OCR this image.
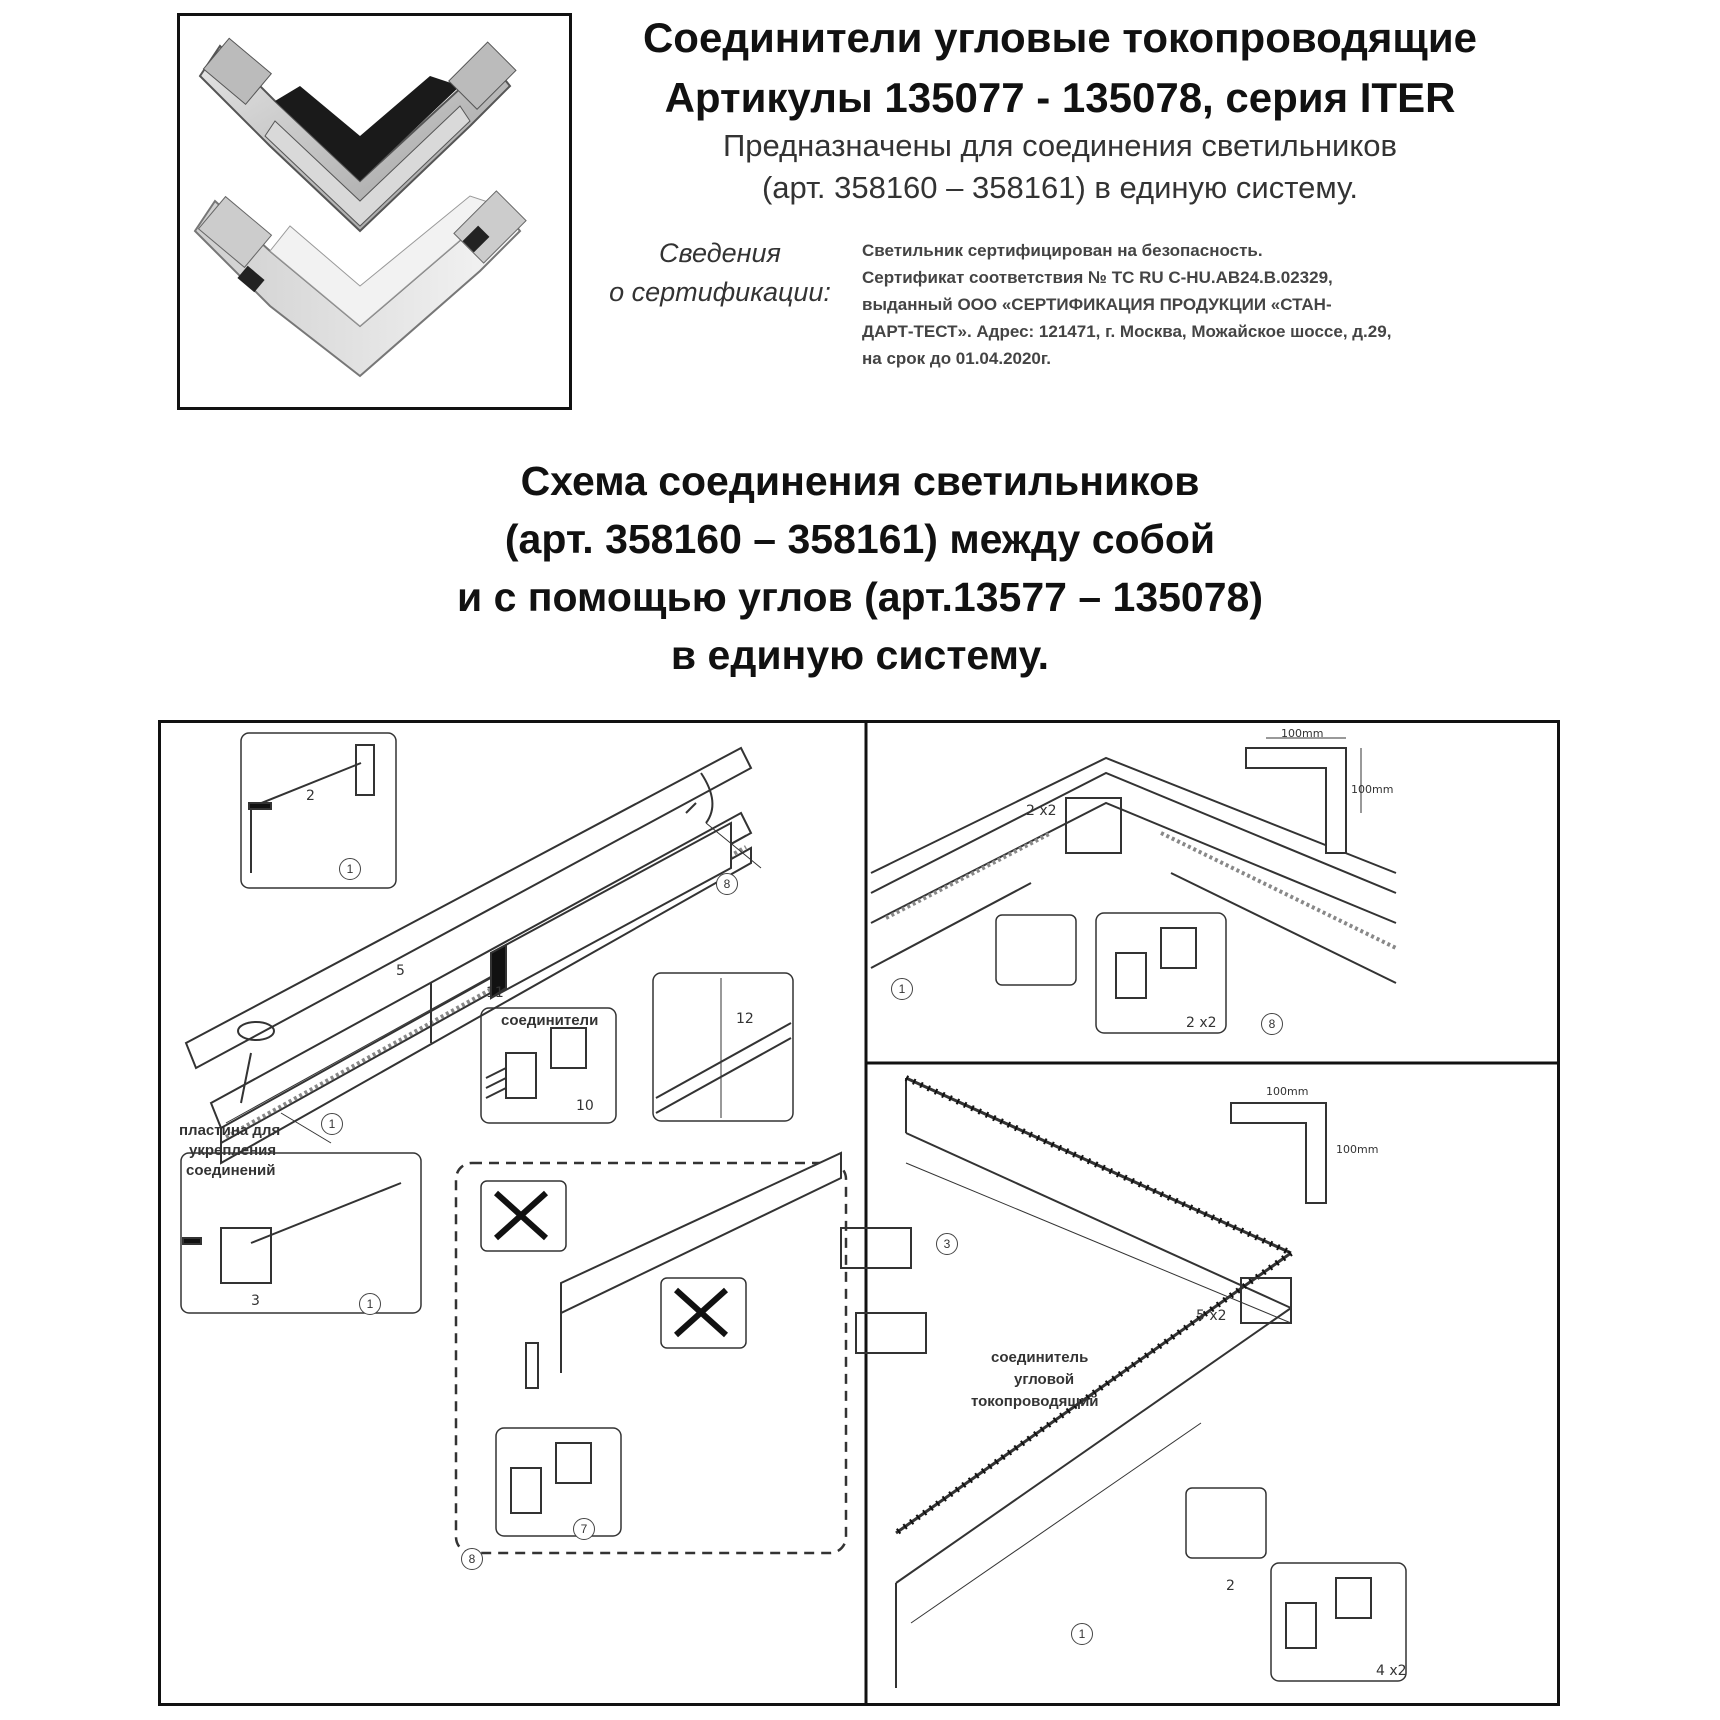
Соединители угловые токопроводящие
Артикулы 135077 - 135078, серия ITER
Предназначены для соединения светильников
(арт. 358160 – 358161) в единую систему.
Сведения
о сертификации:
Светильник сертифицирован на безопасность.
Сертификат соответствия № ТС RU C-HU.AB24.B.02329,
выданный ООО «СЕРТИФИКАЦИЯ ПРОДУКЦИИ «СТАН-
ДАРТ-ТЕСТ». Адрес: 121471, г. Москва, Можайское шоссе, д.29,
на срок до 01.04.2020г.
Схема соединения светильников
(арт. 358160 – 358161) между собой
и с помощью углов (арт.13577 – 135078)
в единую систему.
соединители
пластина для
укрепления
соединений
соединитель
угловой
токопроводящий
1
1
8
5
11
10
12
2
3	1
7
8
1
8
2 x2
2 x2
100mm
100mm
3
1
2
5 x2
4 x2
100mm
100mm
